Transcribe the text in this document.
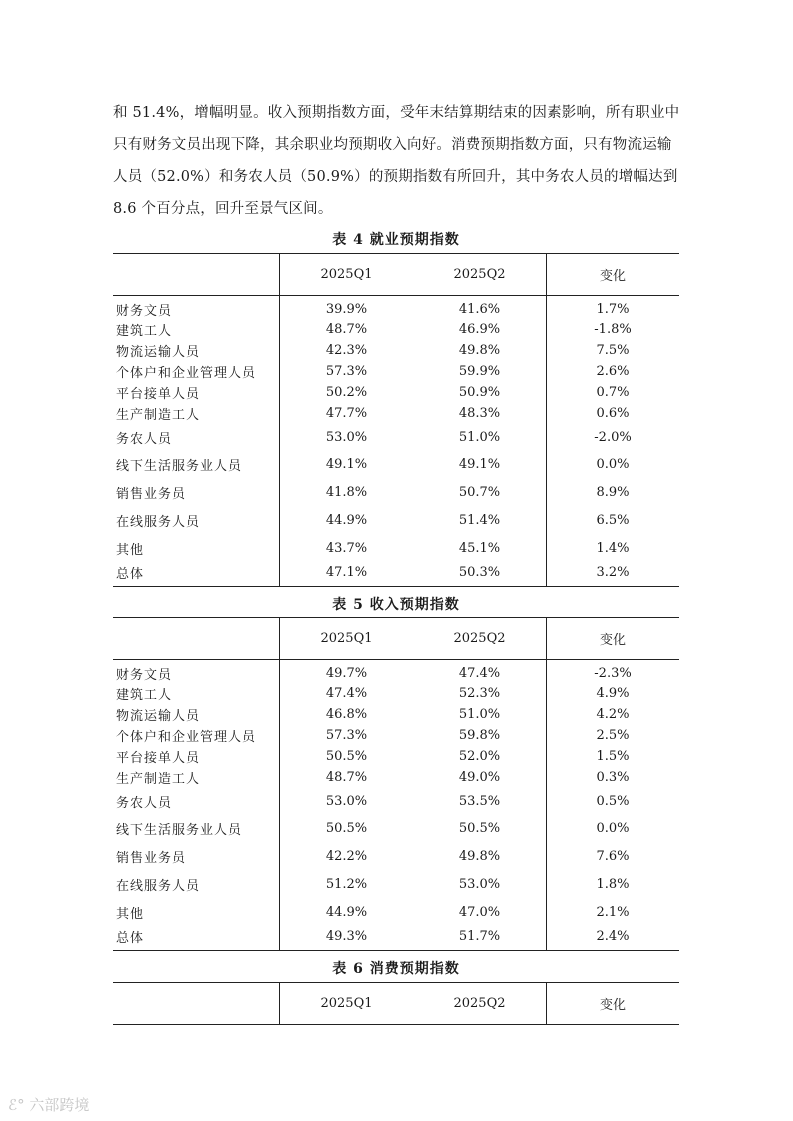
和 51.4%，增幅明显。收入预期指数方面，受年末结算期结束的因素影响，所有职业中
只有财务文员出现下降，其余职业均预期收入向好。消费预期指数方面，只有物流运输
人员（52.0%）和务农人员（50.9%）的预期指数有所回升，其中务农人员的增幅达到
8.6 个百分点，回升至景气区间。
表 4 就业预期指数
	2025Q1	2025Q2	变化
财务文员	39.9%	41.6%	1.7%
建筑工人	48.7%	46.9%	-1.8%
物流运输人员	42.3%	49.8%	7.5%
个体户和企业管理人员	57.3%	59.9%	2.6%
平台接单人员	50.2%	50.9%	0.7%
生产制造工人	47.7%	48.3%	0.6%
务农人员	53.0%	51.0%	-2.0%
线下生活服务业人员	49.1%	49.1%	0.0%
销售业务员	41.8%	50.7%	8.9%
在线服务人员	44.9%	51.4%	6.5%
其他	43.7%	45.1%	1.4%
总体	47.1%	50.3%	3.2%
表 5 收入预期指数
	2025Q1	2025Q2	变化
财务文员	49.7%	47.4%	-2.3%
建筑工人	47.4%	52.3%	4.9%
物流运输人员	46.8%	51.0%	4.2%
个体户和企业管理人员	57.3%	59.8%	2.5%
平台接单人员	50.5%	52.0%	1.5%
生产制造工人	48.7%	49.0%	0.3%
务农人员	53.0%	53.5%	0.5%
线下生活服务业人员	50.5%	50.5%	0.0%
销售业务员	42.2%	49.8%	7.6%
在线服务人员	51.2%	53.0%	1.8%
其他	44.9%	47.0%	2.1%
总体	49.3%	51.7%	2.4%
表 6 消费预期指数
	2025Q1	2025Q2	变化
ℰ° 六部跨境
